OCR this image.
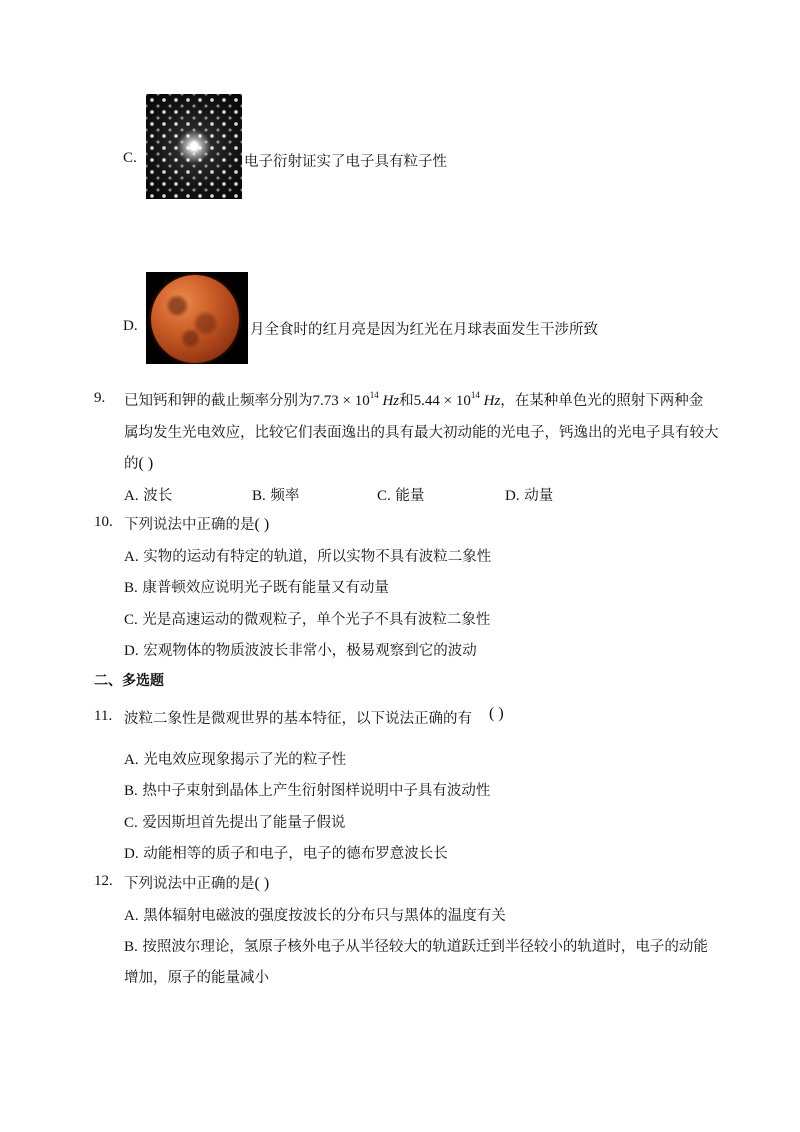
C.	电子衍射证实了电子具有粒子性
D.	月全食时的红月亮是因为红光在月球表面发生干涉所致
9. 已知钙和钾的截止频率分别为$7.73 \times 10^{14}$ Hz和$5.44 \times 10^{14}$ Hz，在某种单色光的照射下两种金
属均发生光电效应，比较它们表面逸出的具有最大初动能的光电子，钙逸出的光电子具有较大
的( )
A. 波长	B. 频率	C. 能量	D. 动量
10. 下列说法中正确的是( )
A. 实物的运动有特定的轨道，所以实物不具有波粒二象性
B. 康普顿效应说明光子既有能量又有动量
C. 光是高速运动的微观粒子，单个光子不具有波粒二象性
D. 宏观物体的物质波波长非常小，极易观察到它的波动
二、多选题
11. 波粒二象性是微观世界的基本特征，以下说法正确的有 ( )
A. 光电效应现象揭示了光的粒子性
B. 热中子束射到晶体上产生衍射图样说明中子具有波动性
C. 爱因斯坦首先提出了能量子假说
D. 动能相等的质子和电子，电子的德布罗意波长长
12. 下列说法中正确的是( )
A. 黑体辐射电磁波的强度按波长的分布只与黑体的温度有关
B. 按照波尔理论，氢原子核外电子从半径较大的轨道跃迁到半径较小的轨道时，电子的动能
增加，原子的能量减小
